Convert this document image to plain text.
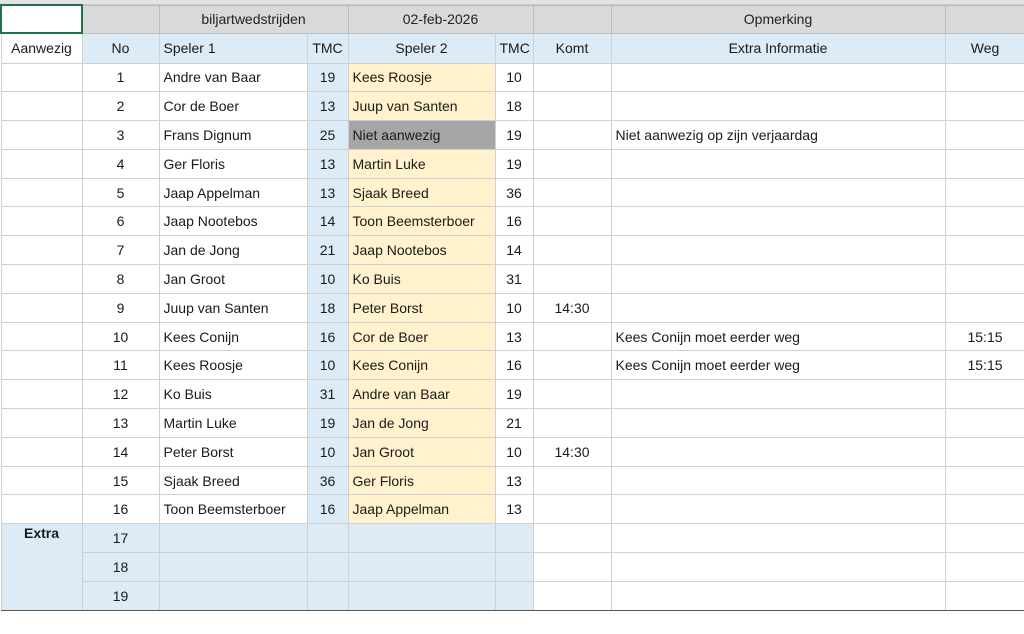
		biljartwedstrijden		02-feb-2026			Opmerking	
Aanwezig	No	Speler 1	TMC	Speler 2	TMC	Komt	Extra Informatie	Weg
	1	Andre van Baar	19	Kees Roosje	10			
	2	Cor de Boer	13	Juup van Santen	18			
	3	Frans Dignum	25	Niet aanwezig	19		Niet aanwezig op zijn verjaardag	
	4	Ger Floris	13	Martin Luke	19			
	5	Jaap Appelman	13	Sjaak Breed	36			
	6	Jaap Nootebos	14	Toon Beemsterboer	16			
	7	Jan de Jong	21	Jaap Nootebos	14			
	8	Jan Groot	10	Ko Buis	31			
	9	Juup van Santen	18	Peter Borst	10	14:30		
	10	Kees Conijn	16	Cor de Boer	13		Kees Conijn moet eerder weg	15:15
	11	Kees Roosje	10	Kees Conijn	16		Kees Conijn moet eerder weg	15:15
	12	Ko Buis	31	Andre van Baar	19			
	13	Martin Luke	19	Jan de Jong	21			
	14	Peter Borst	10	Jan Groot	10	14:30		
	15	Sjaak Breed	36	Ger Floris	13			
	16	Toon Beemsterboer	16	Jaap Appelman	13			
Extra	17							
	18							
	19							
